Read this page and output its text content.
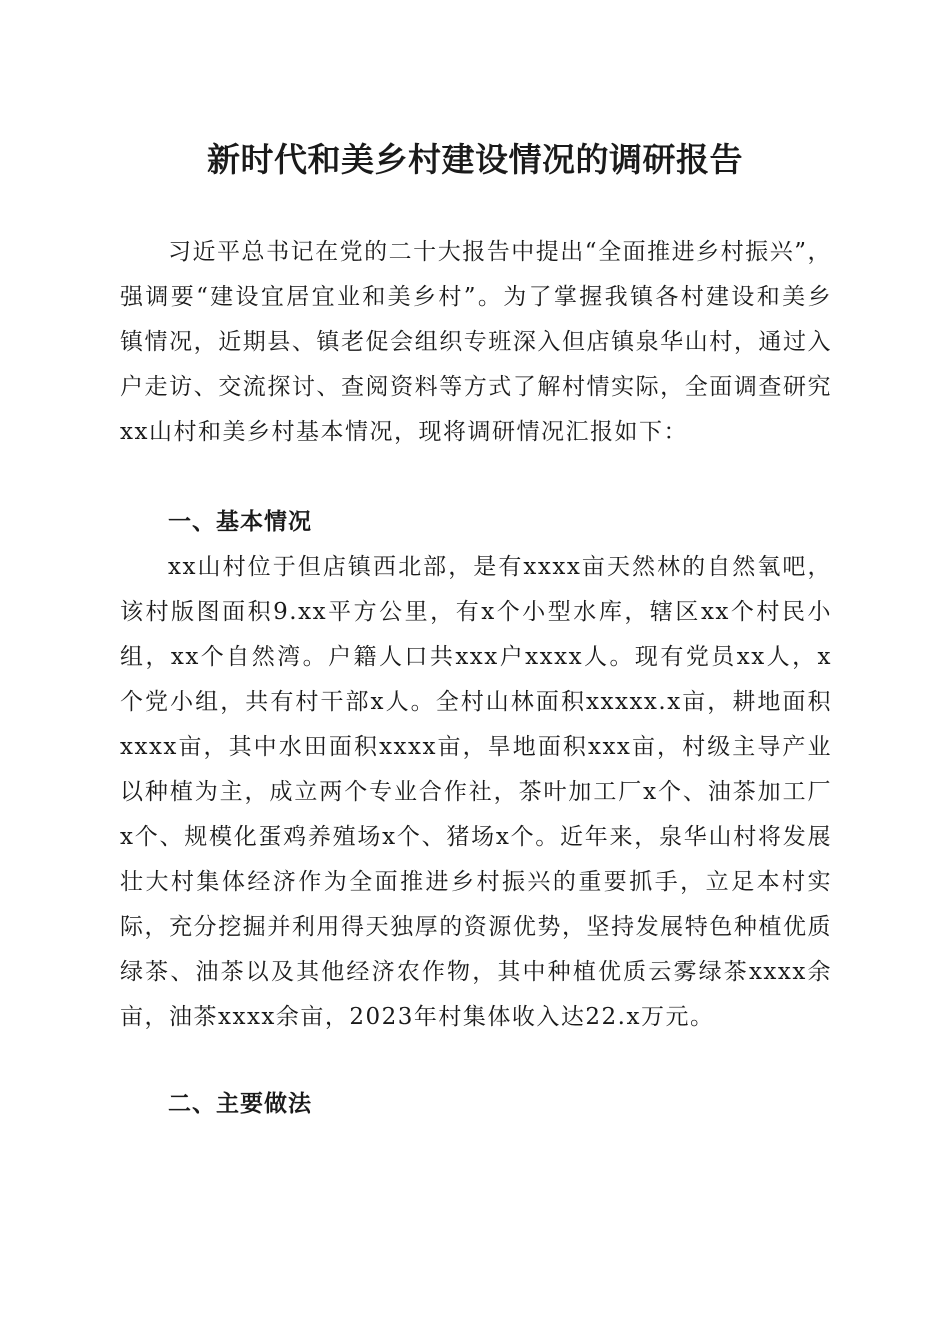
新时代和美乡村建设情况的调研报告

习近平总书记在党的二十大报告中提出“全面推进乡村振兴”，强调要“建设宜居宜业和美乡村”。为了掌握我镇各村建设和美乡镇情况，近期县、镇老促会组织专班深入但店镇泉华山村，通过入户走访、交流探讨、查阅资料等方式了解村情实际，全面调查研究xx山村和美乡村基本情况，现将调研情况汇报如下：

一、基本情况

xx山村位于但店镇西北部，是有xxxx亩天然林的自然氧吧，该村版图面积9.xx平方公里，有x个小型水库，辖区xx个村民小组，xx个自然湾。户籍人口共xxx户xxxx人。现有党员xx人，x个党小组，共有村干部x人。全村山林面积xxxxx.x亩，耕地面积xxxx亩，其中水田面积xxxx亩，旱地面积xxx亩，村级主导产业以种植为主，成立两个专业合作社，茶叶加工厂x个、油茶加工厂x个、规模化蛋鸡养殖场x个、猪场x个。近年来，泉华山村将发展壮大村集体经济作为全面推进乡村振兴的重要抓手，立足本村实际，充分挖掘并利用得天独厚的资源优势，坚持发展特色种植优质绿茶、油茶以及其他经济农作物，其中种植优质云雾绿茶xxxx余亩，油茶xxxx余亩，2023年村集体收入达22.x万元。

二、主要做法
